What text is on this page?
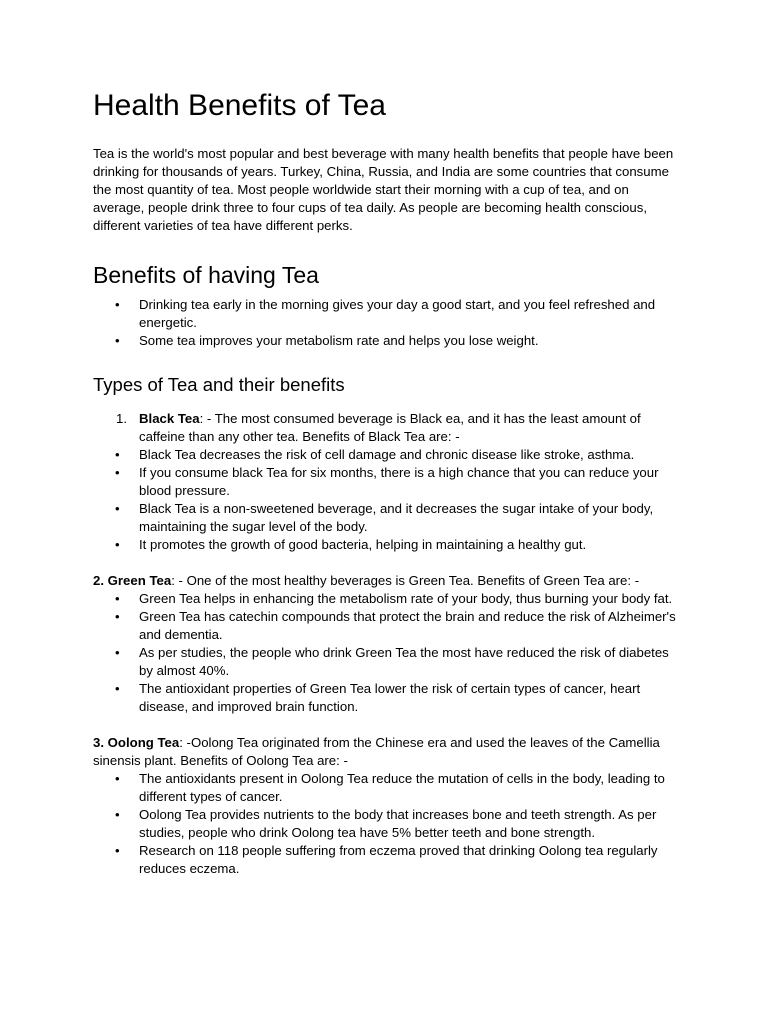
Health Benefits of Tea

Tea is the world's most popular and best beverage with many health benefits that people have been drinking for thousands of years. Turkey, China, Russia, and India are some countries that consume the most quantity of tea. Most people worldwide start their morning with a cup of tea, and on average, people drink three to four cups of tea daily. As people are becoming health conscious, different varieties of tea have different perks.

Benefits of having Tea
• Drinking tea early in the morning gives your day a good start, and you feel refreshed and energetic.
• Some tea improves your metabolism rate and helps you lose weight.
Types of Tea and their benefits
1. Black Tea: - The most consumed beverage is Black ea, and it has the least amount of caffeine than any other tea. Benefits of Black Tea are: -
• Black Tea decreases the risk of cell damage and chronic disease like stroke, asthma.
• If you consume black Tea for six months, there is a high chance that you can reduce your blood pressure.
• Black Tea is a non-sweetened beverage, and it decreases the sugar intake of your body, maintaining the sugar level of the body.
• It promotes the growth of good bacteria, helping in maintaining a healthy gut.

2. Green Tea: - One of the most healthy beverages is Green Tea. Benefits of Green Tea are: -

• Green Tea helps in enhancing the metabolism rate of your body, thus burning your body fat.
• Green Tea has catechin compounds that protect the brain and reduce the risk of Alzheimer's and dementia.
• As per studies, the people who drink Green Tea the most have reduced the risk of diabetes by almost 40%.
• The antioxidant properties of Green Tea lower the risk of certain types of cancer, heart disease, and improved brain function.

3. Oolong Tea: -Oolong Tea originated from the Chinese era and used the leaves of the Camellia sinensis plant. Benefits of Oolong Tea are: -

• The antioxidants present in Oolong Tea reduce the mutation of cells in the body, leading to different types of cancer.
• Oolong Tea provides nutrients to the body that increases bone and teeth strength. As per studies, people who drink Oolong tea have 5% better teeth and bone strength.
• Research on 118 people suffering from eczema proved that drinking Oolong tea regularly reduces eczema.
